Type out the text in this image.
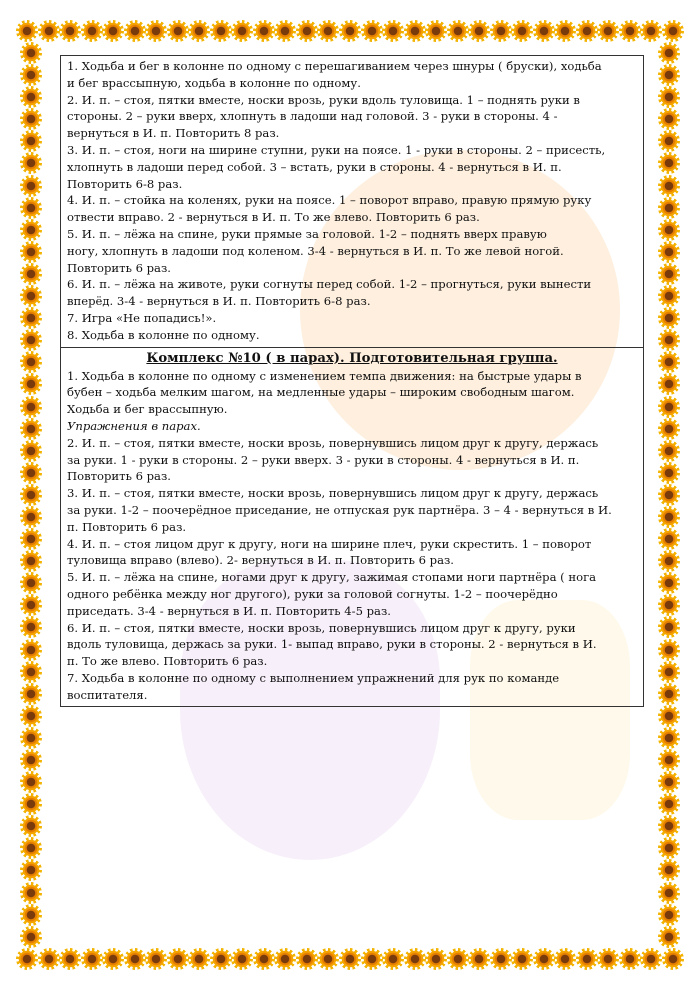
1. Ходьба и бег в колонне по одному с перешагиванием через шнуры ( бруски), ходьба
и бег врассыпную, ходьба в колонне по одному.
2. И. п. – стоя, пятки вместе, носки врозь, руки вдоль туловища. 1 – поднять руки в
стороны. 2 – руки вверх, хлопнуть в ладоши над головой. 3 - руки в стороны. 4 -
вернуться в И. п. Повторить 8 раз.
3. И. п. – стоя, ноги на ширине ступни, руки на поясе. 1 - руки в стороны. 2 – присесть,
хлопнуть в ладоши перед собой. 3 – встать, руки в стороны. 4 - вернуться в И. п.
Повторить 6-8 раз.
4. И. п. – стойка на коленях, руки на поясе. 1 – поворот вправо, правую прямую руку
отвести вправо. 2 - вернуться в И. п. То же влево. Повторить 6 раз.
5. И. п. – лёжа на спине, руки прямые за головой. 1-2 – поднять вверх правую
ногу, хлопнуть в ладоши под коленом. 3-4 - вернуться в И. п. То же левой ногой.
Повторить 6 раз.
6. И. п. – лёжа на животе, руки согнуты перед собой. 1-2 – прогнуться, руки вынести
вперёд. 3-4 - вернуться в И. п. Повторить 6-8 раз.
7. Игра «Не попадись!».
8. Ходьба в колонне по одному.
Комплекс №10 ( в парах). Подготовительная группа.
1. Ходьба в колонне по одному с изменением темпа движения: на быстрые удары в
бубен – ходьба мелким шагом, на медленные удары – широким свободным шагом.
Ходьба и бег врассыпную.
Упражнения в парах.
2. И. п. – стоя, пятки вместе, носки врозь, повернувшись лицом друг к другу, держась
за руки. 1 - руки в стороны. 2 – руки вверх. 3 - руки в стороны. 4 - вернуться в И. п.
Повторить 6 раз.
3. И. п. – стоя, пятки вместе, носки врозь, повернувшись лицом друг к другу, держась
за руки. 1-2 – поочерёдное приседание, не отпуская рук партнёра. 3 – 4 - вернуться в И.
п. Повторить 6 раз.
4. И. п. – стоя лицом друг к другу, ноги на ширине плеч, руки скрестить. 1 – поворот
туловища вправо (влево). 2- вернуться в И. п. Повторить 6 раз.
5. И. п. – лёжа на спине, ногами друг к другу, зажимая стопами ноги партнёра ( нога
одного ребёнка между ног другого), руки за головой согнуты. 1-2 – поочерёдно
приседать. 3-4 - вернуться в И. п. Повторить 4-5 раз.
6. И. п. – стоя, пятки вместе, носки врозь, повернувшись лицом друг к другу, руки
вдоль туловища, держась за руки. 1- выпад вправо, руки в стороны. 2 - вернуться в И.
п. То же влево. Повторить 6 раз.
7. Ходьба в колонне по одному с выполнением упражнений для рук по команде
воспитателя.
